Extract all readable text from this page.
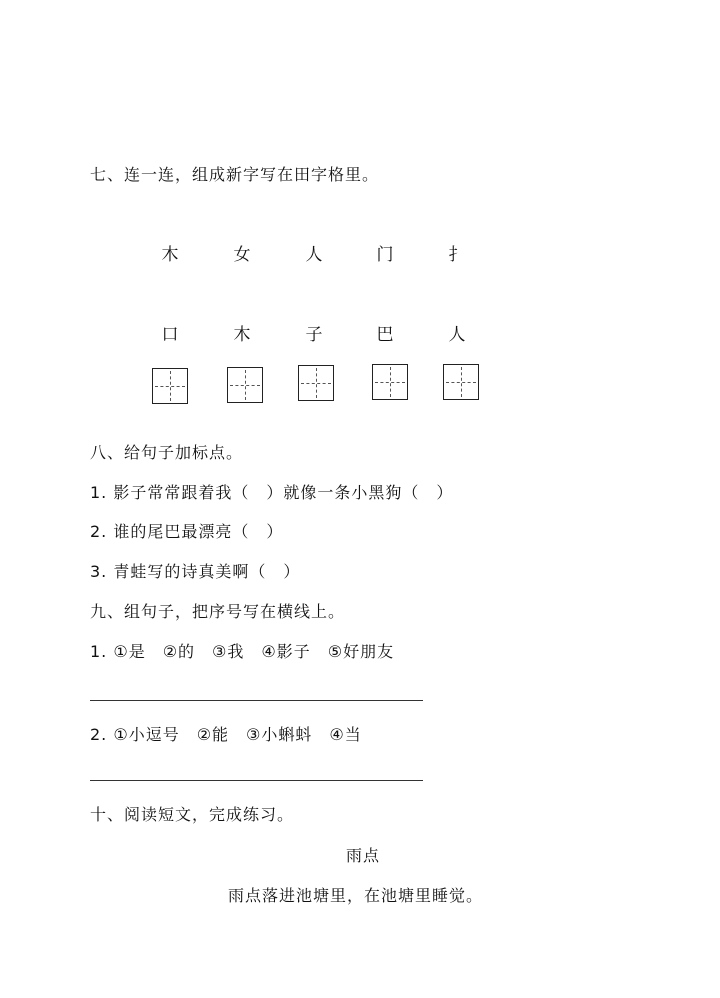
七、连一连，组成新字写在田字格里。
木	女	人	门	扌
口	木	子	巴	人
八、给句子加标点。
1. 影子常常跟着我（　）就像一条小黑狗（　）
2. 谁的尾巴最漂亮（　）
3. 青蛙写的诗真美啊（　）
九、组句子，把序号写在横线上。
1. ①是　②的　③我　④影子　⑤好朋友
2. ①小逗号　②能　③小蝌蚪　④当
十、阅读短文，完成练习。
雨点
雨点落进池塘里，在池塘里睡觉。
